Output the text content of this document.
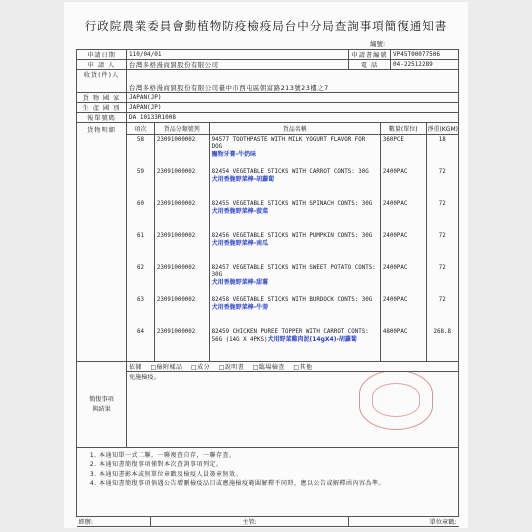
行政院農業委員會動植物防疫檢疫局台中分局查詢事項簡復通知書
編號:
申請日期	110/04/01	申請書編號	VP45T00077506
申 請 人	台灣多格漫商貿股份有限公司	電 話	04-22512289
收貨(件)人	台灣多格漫商貿股份有限公司臺中市西屯區朝富路213號23樓之7
貨 物 國 家	JAPAN(JP)
生 產 國 別	JAPAN(JP)
報單號碼	DA 10133R1008
貨物明細		項次	貨品分類號列	貨品名稱	數量(單位)	淨重(KGM)
58	23091000002	94577 TOOTHPASTE WITH MILK YOGURT FLAVOR FOR DOG
寵物牙膏-牛奶味
	360PCE	18
59	23091000002	82454 VEGETABLE STICKS WITH CARROT CONTS: 30G
犬用香脆野菜棒-胡蘿蔔
	2400PAC	72
60	23091000002	82455 VEGETABLE STICKS WITH SPINACH CONTS: 30G
犬用香脆野菜棒-菠菜
	2400PAC	72
61	23091000002	82456 VEGETABLE STICKS WITH PUMPKIN CONTS: 30G
犬用香脆野菜棒-南瓜
	2400PAC	72
62	23091000002	82457 VEGETABLE STICKS WITH SWEET POTATO CONTS: 30G
犬用香脆野菜棒-甜薯
	2400PAC	72
63	23091000002	82458 VEGETABLE STICKS WITH BURDOCK CONTS: 30G
犬用香脆野菜棒-牛蒡
	2400PAC	72
64	23091000002	82459 CHICKEN PUREE TOPPER WITH CARROT CONTS: 56G (14G X 4PKS)犬用野菜雞肉泥(14gX4)-胡蘿蔔	4800PAC	268.8

簡復事項
與結果	依據 □檢附樣品 □成分 □說明書 □臨場檢查 □其他
免施檢疫。

1. 本通知單一式二聯，一聯複查自存，一聯存查。
2. 本通知書簡復事項僅對本次查詢事項列定。
3. 本通知書影本或無單位章戳及檢疫人員簽章無效。
4. 本通知書簡復事項倘遇公告增刪檢疫品目或應施檢疫範圍解釋不同時，應以公告或解釋函內容為準。

經辦:	主管:	單位章戳:
